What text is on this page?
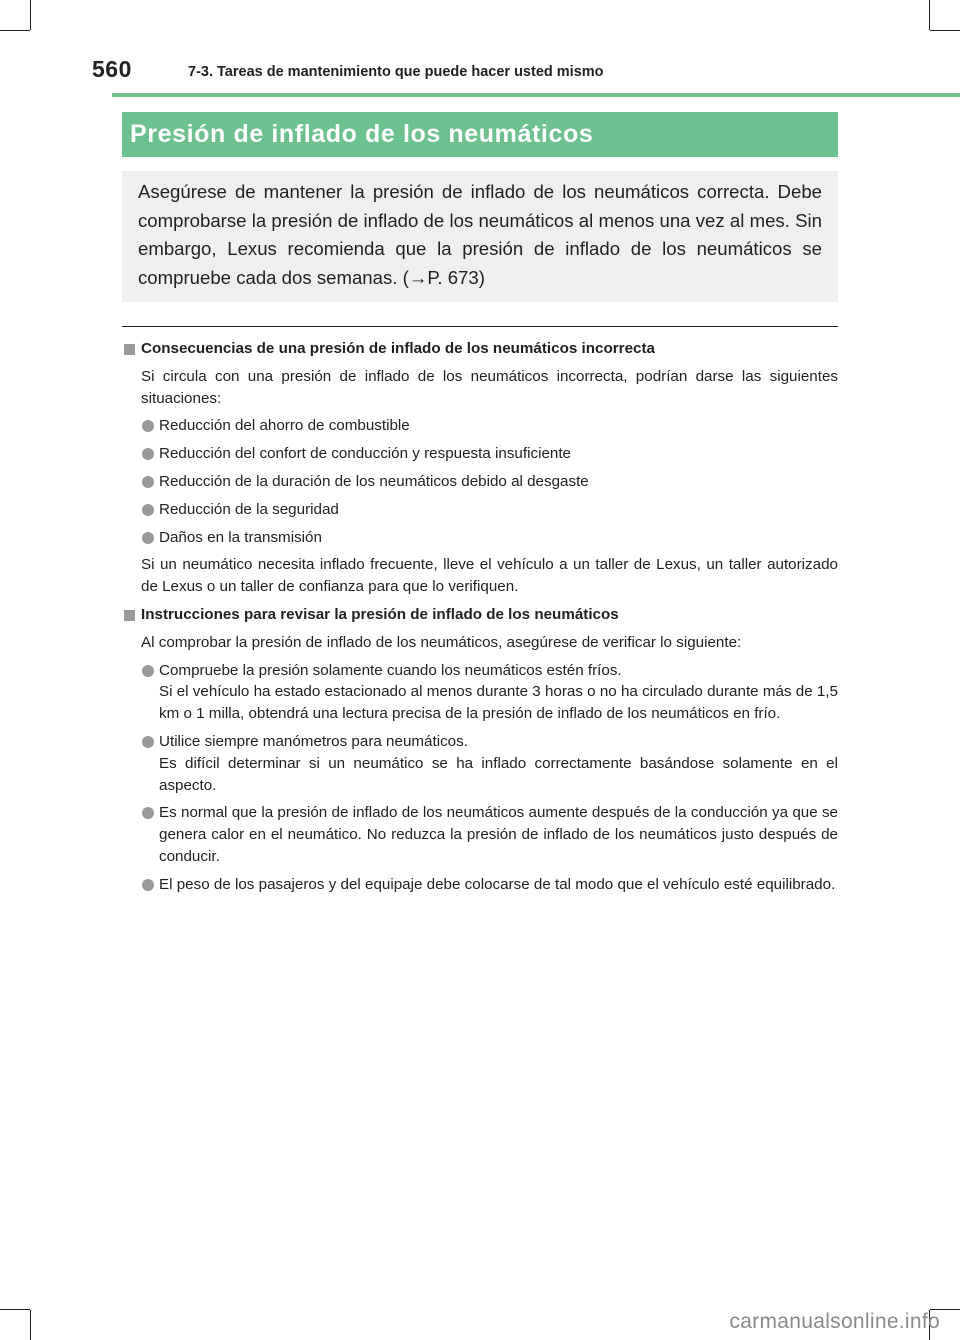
560	7-3. Tareas de mantenimiento que puede hacer usted mismo
Presión de inflado de los neumáticos

Asegúrese de mantener la presión de inflado de los neumáticos correcta. Debe comprobarse la presión de inflado de los neumáticos al menos una vez al mes. Sin embargo, Lexus recomienda que la presión de inflado de los neumáticos se compruebe cada dos semanas. (→P. 673)

Consecuencias de una presión de inflado de los neumáticos incorrecta
Si circula con una presión de inflado de los neumáticos incorrecta, podrían darse las siguientes situaciones:
Reducción del ahorro de combustible
Reducción del confort de conducción y respuesta insuficiente
Reducción de la duración de los neumáticos debido al desgaste
Reducción de la seguridad
Daños en la transmisión
Si un neumático necesita inflado frecuente, lleve el vehículo a un taller de Lexus, un taller autorizado de Lexus o un taller de confianza para que lo verifiquen.
Instrucciones para revisar la presión de inflado de los neumáticos
Al comprobar la presión de inflado de los neumáticos, asegúrese de verificar lo siguiente:
Compruebe la presión solamente cuando los neumáticos estén fríos.
Si el vehículo ha estado estacionado al menos durante 3 horas o no ha circulado durante más de 1,5 km o 1 milla, obtendrá una lectura precisa de la presión de inflado de los neumáticos en frío.
Utilice siempre manómetros para neumáticos.
Es difícil determinar si un neumático se ha inflado correctamente basándose solamente en el aspecto.
Es normal que la presión de inflado de los neumáticos aumente después de la conducción ya que se genera calor en el neumático. No reduzca la presión de inflado de los neumáticos justo después de conducir.
El peso de los pasajeros y del equipaje debe colocarse de tal modo que el vehículo esté equilibrado.
carmanualsonline.info
